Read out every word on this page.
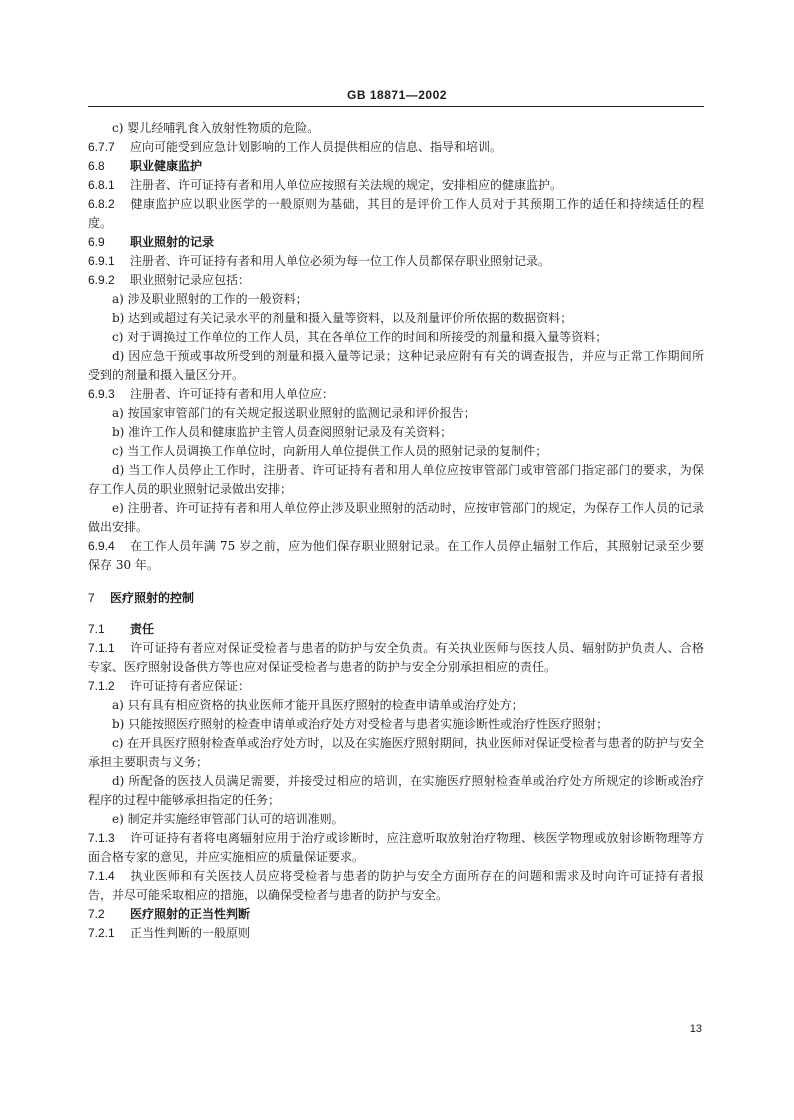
GB 18871—2002

c) 婴儿经哺乳食入放射性物质的危险。

6.7.7 应向可能受到应急计划影响的工作人员提供相应的信息、指导和培训。

6.8 职业健康监护

6.8.1 注册者、许可证持有者和用人单位应按照有关法规的规定，安排相应的健康监护。

6.8.2 健康监护应以职业医学的一般原则为基础，其目的是评价工作人员对于其预期工作的适任和持续适任的程度。

6.9 职业照射的记录

6.9.1 注册者、许可证持有者和用人单位必须为每一位工作人员都保存职业照射记录。

6.9.2 职业照射记录应包括：

a) 涉及职业照射的工作的一般资料；

b) 达到或超过有关记录水平的剂量和摄入量等资料，以及剂量评价所依据的数据资料；

c) 对于调换过工作单位的工作人员，其在各单位工作的时间和所接受的剂量和摄入量等资料；

d) 因应急干预或事故所受到的剂量和摄入量等记录；这种记录应附有有关的调查报告，并应与正常工作期间所受到的剂量和摄入量区分开。

6.9.3 注册者、许可证持有者和用人单位应：

a) 按国家审管部门的有关规定报送职业照射的监测记录和评价报告；

b) 准许工作人员和健康监护主管人员查阅照射记录及有关资料；

c) 当工作人员调换工作单位时，向新用人单位提供工作人员的照射记录的复制件；

d) 当工作人员停止工作时，注册者、许可证持有者和用人单位应按审管部门或审管部门指定部门的要求，为保存工作人员的职业照射记录做出安排；

e) 注册者、许可证持有者和用人单位停止涉及职业照射的活动时，应按审管部门的规定，为保存工作人员的记录做出安排。

6.9.4 在工作人员年满 75 岁之前，应为他们保存职业照射记录。在工作人员停止辐射工作后，其照射记录至少要保存 30 年。

7 医疗照射的控制

7.1 责任

7.1.1 许可证持有者应对保证受检者与患者的防护与安全负责。有关执业医师与医技人员、辐射防护负责人、合格专家、医疗照射设备供方等也应对保证受检者与患者的防护与安全分别承担相应的责任。

7.1.2 许可证持有者应保证：

a) 只有具有相应资格的执业医师才能开具医疗照射的检查申请单或治疗处方；

b) 只能按照医疗照射的检查申请单或治疗处方对受检者与患者实施诊断性或治疗性医疗照射；

c) 在开具医疗照射检查单或治疗处方时，以及在实施医疗照射期间，执业医师对保证受检者与患者的防护与安全承担主要职责与义务；

d) 所配备的医技人员满足需要，并接受过相应的培训，在实施医疗照射检查单或治疗处方所规定的诊断或治疗程序的过程中能够承担指定的任务；

e) 制定并实施经审管部门认可的培训准则。

7.1.3 许可证持有者将电离辐射应用于治疗或诊断时，应注意听取放射治疗物理、核医学物理或放射诊断物理等方面合格专家的意见，并应实施相应的质量保证要求。

7.1.4 执业医师和有关医技人员应将受检者与患者的防护与安全方面所存在的问题和需求及时向许可证持有者报告，并尽可能采取相应的措施，以确保受检者与患者的防护与安全。

7.2 医疗照射的正当性判断

7.2.1 正当性判断的一般原则

13
